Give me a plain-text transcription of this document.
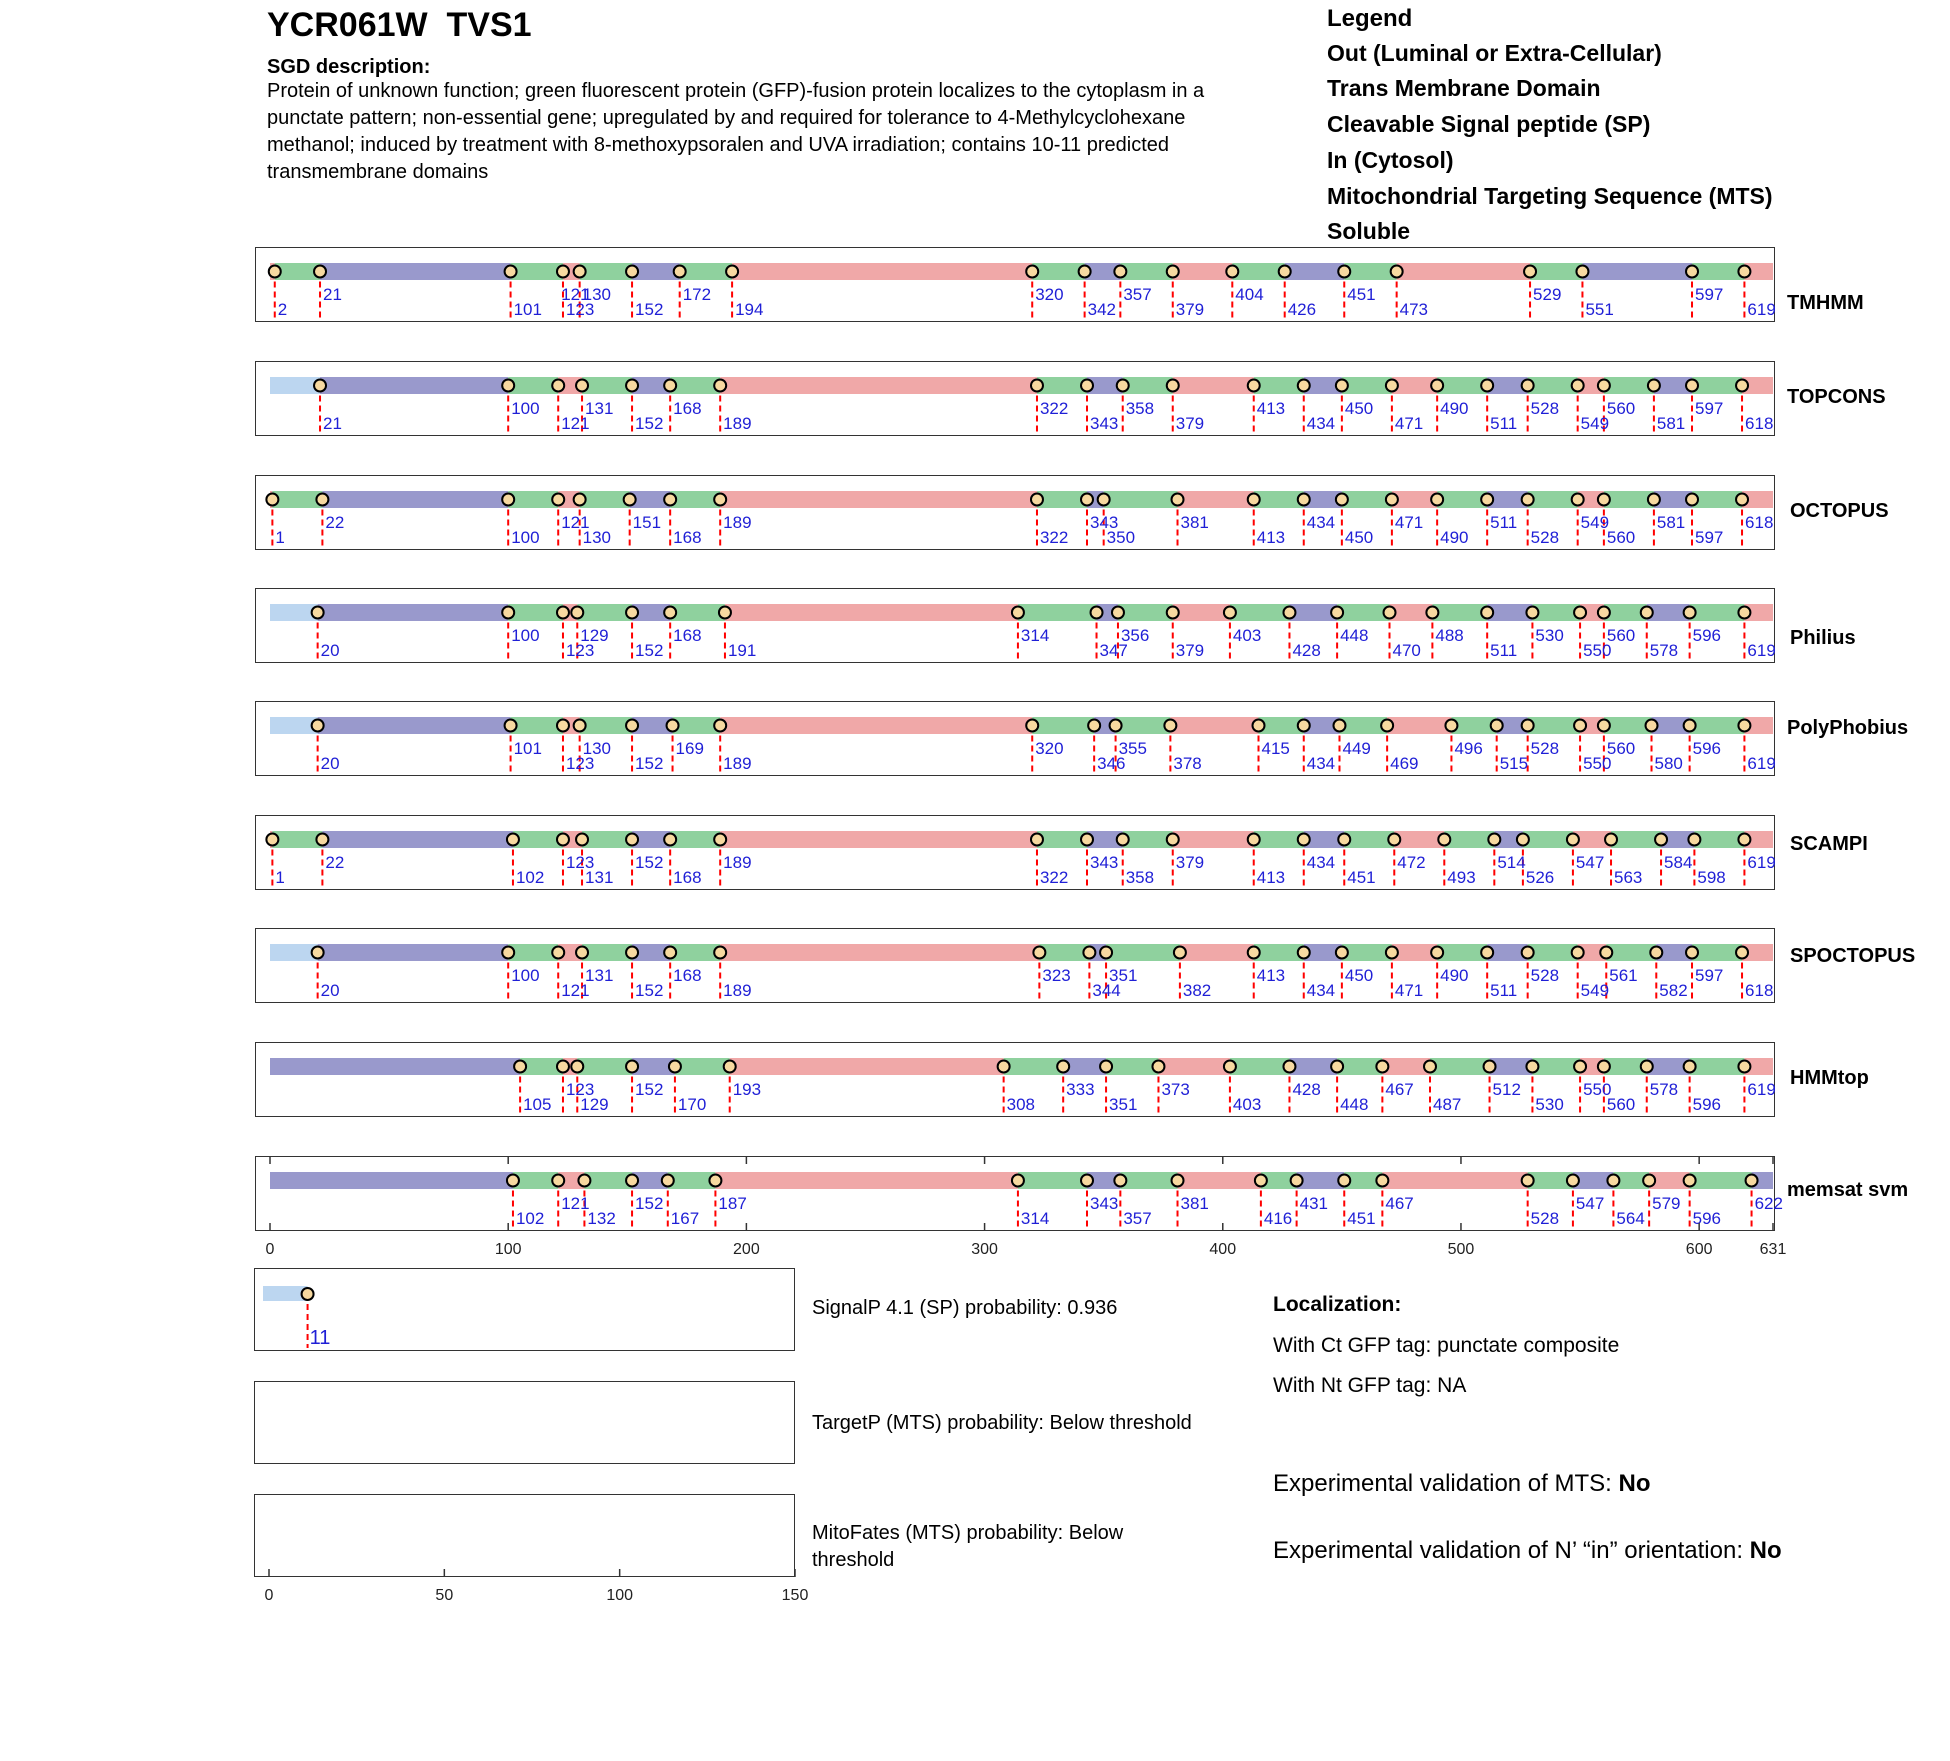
YCR061W  TVS1
SGD description:
Protein of unknown function; green fluorescent protein (GFP)-fusion protein localizes to the cytoplasm in a punctate pattern; non-essential gene; upregulated by and required for tolerance to 4-Methylcyclohexane methanol; induced by treatment with 8-methoxypsoralen and UVA irradiation; contains 10-11 predicted transmembrane domains
Legend
Out (Luminal or Extra-Cellular)
Trans Membrane Domain
Cleavable Signal peptide (SP)
In (Cytosol)
Mitochondrial Targeting Sequence (MTS)
Soluble
TMHMM
2
21
101
121
123
130
152
172
194
320
342
357
379
404
426
451
473
529
551
597
619
TOPCONS
21
100
121
131
152
168
189
322
343
358
379
413
434
450
471
490
511
528
549
560
581
597
618
OCTOPUS
1
22
100
121
130
151
168
189
322
343
350
381
413
434
450
471
490
511
528
549
560
581
597
618
Philius
20
100
123
129
152
168
191
314
347
356
379
403
428
448
470
488
511
530
550
560
578
596
619
PolyPhobius
20
101
123
130
152
169
189
320
346
355
378
415
434
449
469
496
515
528
550
560
580
596
619
SCAMPI
1
22
102
123
131
152
168
189
322
343
358
379
413
434
451
472
493
514
526
547
563
584
598
619
SPOCTOPUS
20
100
121
131
152
168
189
323
344
351
382
413
434
450
471
490
511
528
549
561
582
597
618
HMMtop
105
123
129
152
170
193
308
333
351
373
403
428
448
467
487
512
530
550
560
578
596
619
memsat svm
102
121
132
152
167
187
314
343
357
381
416
431
451
467
528
547
564
579
596
622
0	100	200	300	400	500	600	631
11
SignalP 4.1 (SP) probability: 0.936
TargetP (MTS) probability: Below threshold
0	50	100	150
MitoFates (MTS) probability: Below
threshold
Localization:
With Ct GFP tag: punctate composite
With Nt GFP tag: NA
Experimental validation of MTS: No
Experimental validation of N’ “in” orientation: No
